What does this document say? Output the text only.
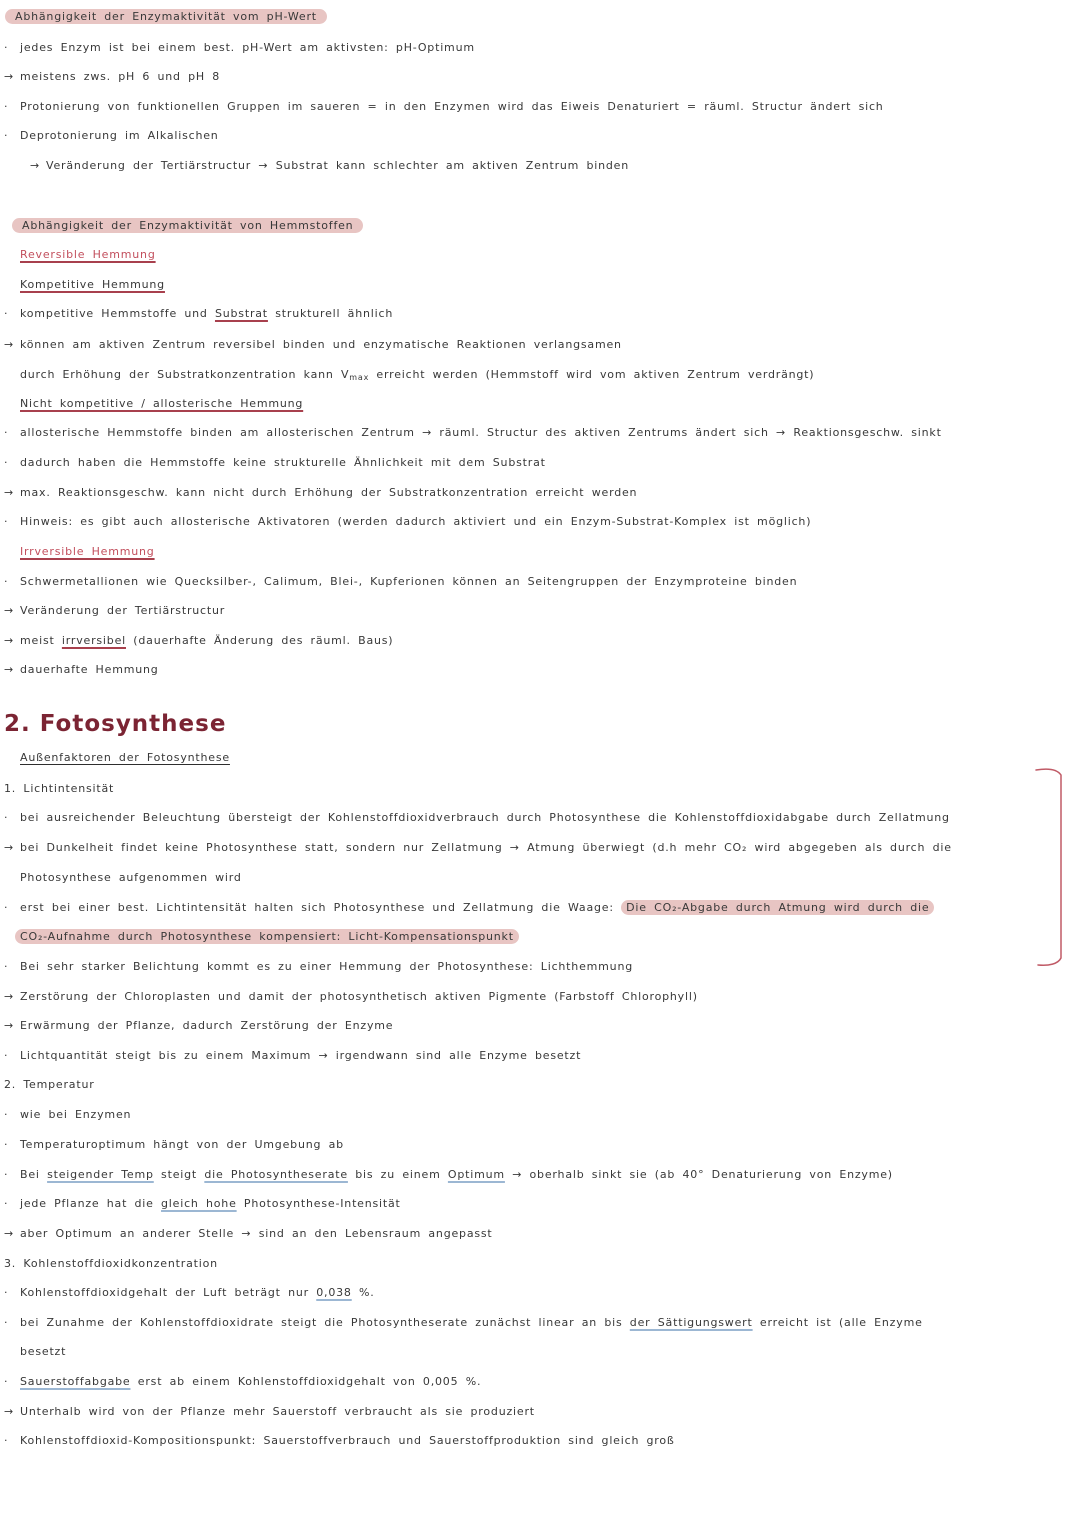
Abhängigkeit der Enzymaktivität vom pH-Wert
· jedes Enzym ist bei einem best. pH-Wert am aktivsten: pH-Optimum
→ meistens zws. pH 6 und pH 8
· Protonierung von funktionellen Gruppen im saueren = in den Enzymen wird das Eiweis Denaturiert = räuml. Structur ändert sich
· Deprotonierung im Alkalischen
→ Veränderung der Tertiärstructur → Substrat kann schlechter am aktiven Zentrum binden
Abhängigkeit der Enzymaktivität von Hemmstoffen
Reversible Hemmung
Kompetitive Hemmung
· kompetitive Hemmstoffe und Substrat strukturell ähnlich
→ können am aktiven Zentrum reversibel binden und enzymatische Reaktionen verlangsamen
durch Erhöhung der Substratkonzentration kann $V_{max}$ erreicht werden (Hemmstoff wird vom aktiven Zentrum verdrängt)
Nicht kompetitive / allosterische Hemmung
· allosterische Hemmstoffe binden am allosterischen Zentrum → räuml. Structur des aktiven Zentrums ändert sich → Reaktionsgeschw. sinkt
· dadurch haben die Hemmstoffe keine strukturelle Ähnlichkeit mit dem Substrat
→ max. Reaktionsgeschw. kann nicht durch Erhöhung der Substratkonzentration erreicht werden
· Hinweis: es gibt auch allosterische Aktivatoren (werden dadurch aktiviert und ein Enzym-Substrat-Komplex ist möglich)
Irrversible Hemmung
· Schwermetallionen wie Quecksilber-, Calimum, Blei-, Kupferionen können an Seitengruppen der Enzymproteine binden
→ Veränderung der Tertiärstructur
→ meist irrversibel (dauerhafte Änderung des räuml. Baus)
→ dauerhafte Hemmung
2. Fotosynthese
Außenfaktoren der Fotosynthese
1. Lichtintensität
· bei ausreichender Beleuchtung übersteigt der Kohlenstoffdioxidverbrauch durch Photosynthese die Kohlenstoffdioxidabgabe durch Zellatmung
→ bei Dunkelheit findet keine Photosynthese statt, sondern nur Zellatmung → Atmung überwiegt (d.h mehr CO₂ wird abgegeben als durch die
Photosynthese aufgenommen wird
· erst bei einer best. Lichtintensität halten sich Photosynthese und Zellatmung die Waage: Die CO₂-Abgabe durch Atmung wird durch die
CO₂-Aufnahme durch Photosynthese kompensiert: Licht-Kompensationspunkt
· Bei sehr starker Belichtung kommt es zu einer Hemmung der Photosynthese: Lichthemmung
→ Zerstörung der Chloroplasten und damit der photosynthetisch aktiven Pigmente (Farbstoff Chlorophyll)
→ Erwärmung der Pflanze, dadurch Zerstörung der Enzyme
· Lichtquantität steigt bis zu einem Maximum → irgendwann sind alle Enzyme besetzt
2. Temperatur
· wie bei Enzymen
· Temperaturoptimum hängt von der Umgebung ab
· Bei steigender Temp steigt die Photosyntheserate bis zu einem Optimum → oberhalb sinkt sie (ab 40° Denaturierung von Enzyme)
· jede Pflanze hat die gleich hohe Photosynthese-Intensität
→ aber Optimum an anderer Stelle → sind an den Lebensraum angepasst
3. Kohlenstoffdioxidkonzentration
· Kohlenstoffdioxidgehalt der Luft beträgt nur 0,038 %.
· bei Zunahme der Kohlenstoffdioxidrate steigt die Photosyntheserate zunächst linear an bis der Sättigungswert erreicht ist (alle Enzyme
besetzt
· Sauerstoffabgabe erst ab einem Kohlenstoffdioxidgehalt von 0,005 %.
→ Unterhalb wird von der Pflanze mehr Sauerstoff verbraucht als sie produziert
· Kohlenstoffdioxid-Kompositionspunkt: Sauerstoffverbrauch und Sauerstoffproduktion sind gleich groß
